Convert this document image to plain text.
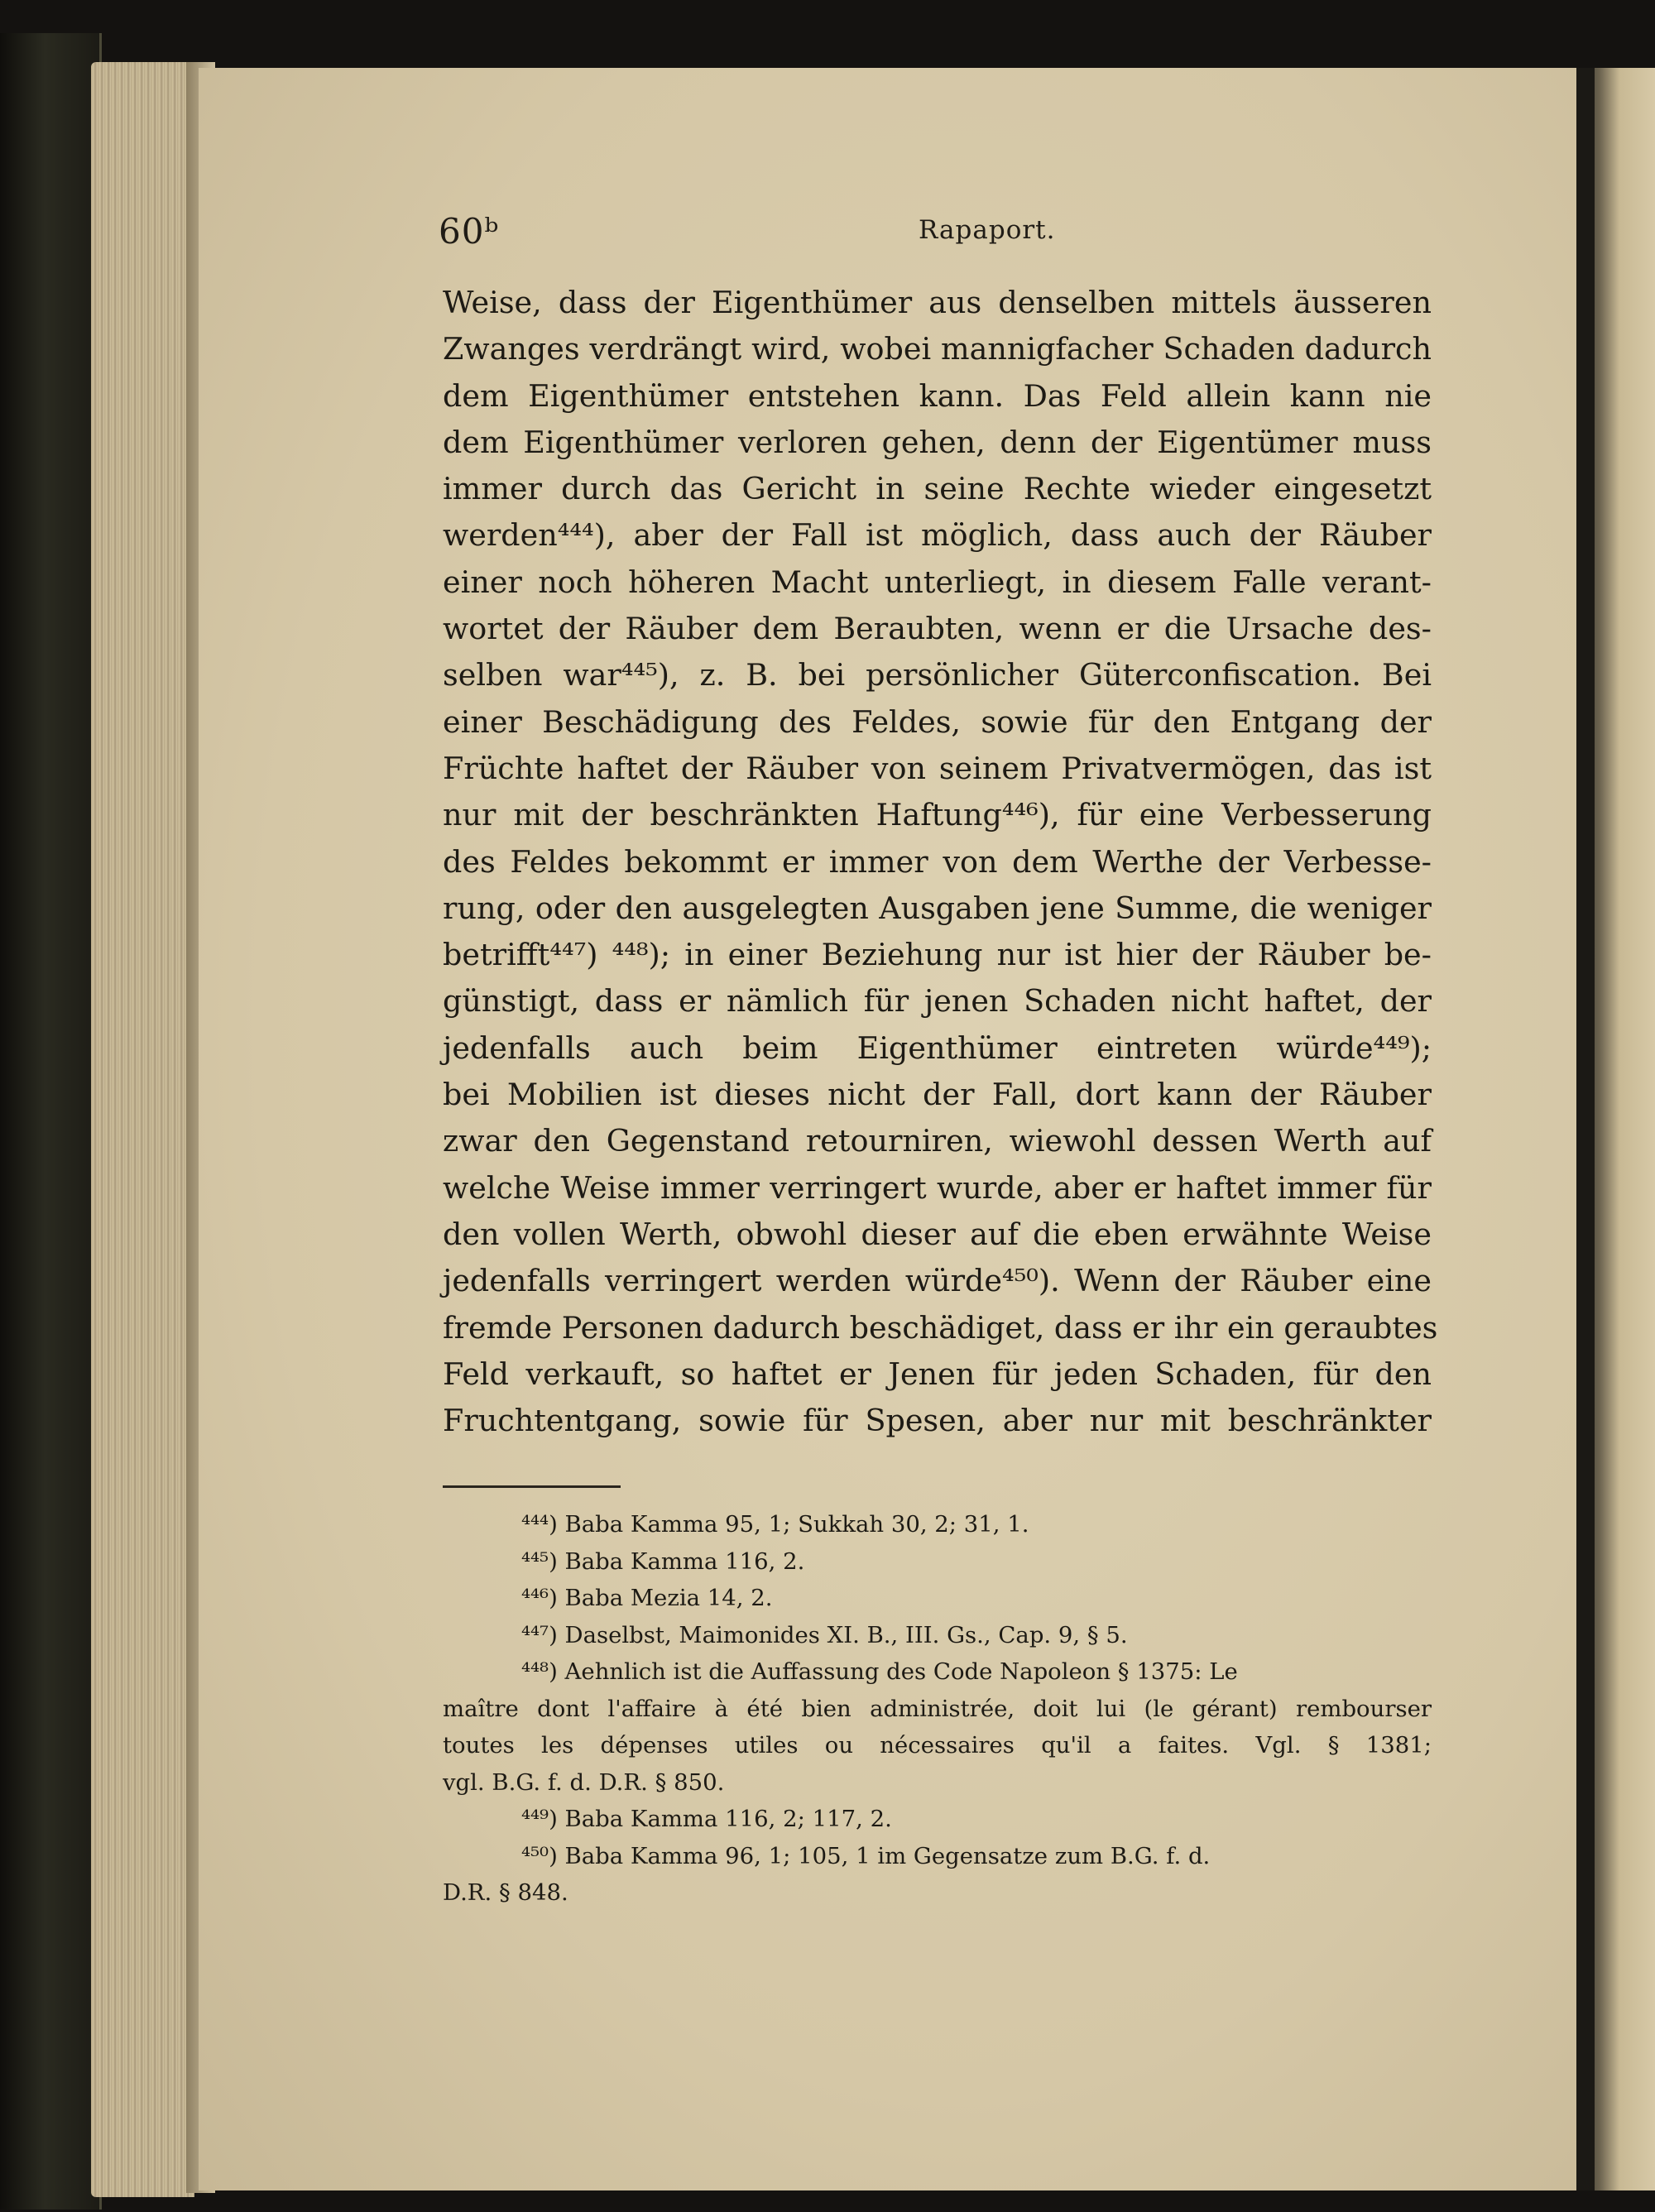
60ᵇ	Rapaport.
Weise, dass der Eigenthümer aus denselben mittels äusseren
Zwanges verdrängt wird, wobei mannigfacher Schaden dadurch
dem Eigenthümer entstehen kann. Das Feld allein kann nie
dem Eigenthümer verloren gehen, denn der Eigentümer muss
immer durch das Gericht in seine Rechte wieder eingesetzt
werden⁴⁴⁴), aber der Fall ist möglich, dass auch der Räuber
einer noch höheren Macht unterliegt, in diesem Falle verant-
wortet der Räuber dem Beraubten, wenn er die Ursache des-
selben war⁴⁴⁵), z. B. bei persönlicher Güterconfiscation. Bei
einer Beschädigung des Feldes, sowie für den Entgang der
Früchte haftet der Räuber von seinem Privatvermögen, das ist
nur mit der beschränkten Haftung⁴⁴⁶), für eine Verbesserung
des Feldes bekommt er immer von dem Werthe der Verbesse-
rung, oder den ausgelegten Ausgaben jene Summe, die weniger
betrifft⁴⁴⁷) ⁴⁴⁸); in einer Beziehung nur ist hier der Räuber be-
günstigt, dass er nämlich für jenen Schaden nicht haftet, der
jedenfalls auch beim Eigenthümer eintreten würde⁴⁴⁹);
bei Mobilien ist dieses nicht der Fall, dort kann der Räuber
zwar den Gegenstand retourniren, wiewohl dessen Werth auf
welche Weise immer verringert wurde, aber er haftet immer für
den vollen Werth, obwohl dieser auf die eben erwähnte Weise
jedenfalls verringert werden würde⁴⁵⁰). Wenn der Räuber eine
fremde Personen dadurch beschädiget, dass er ihr ein geraubtes
Feld verkauft, so haftet er Jenen für jeden Schaden, für den
Fruchtentgang, sowie für Spesen, aber nur mit beschränkter
⁴⁴⁴) Baba Kamma 95, 1; Sukkah 30, 2; 31, 1.
⁴⁴⁵) Baba Kamma 116, 2.
⁴⁴⁶) Baba Mezia 14, 2.
⁴⁴⁷) Daselbst, Maimonides XI. B., III. Gs., Cap. 9, § 5.
⁴⁴⁸) Aehnlich ist die Auffassung des Code Napoleon § 1375: Le
maître dont l'affaire à été bien administrée, doit lui (le gérant) rembourser
toutes les dépenses utiles ou nécessaires qu'il a faites. Vgl. § 1381;
vgl. B.G. f. d. D.R. § 850.
⁴⁴⁹) Baba Kamma 116, 2; 117, 2.
⁴⁵⁰) Baba Kamma 96, 1; 105, 1 im Gegensatze zum B.G. f. d.
D.R. § 848.
